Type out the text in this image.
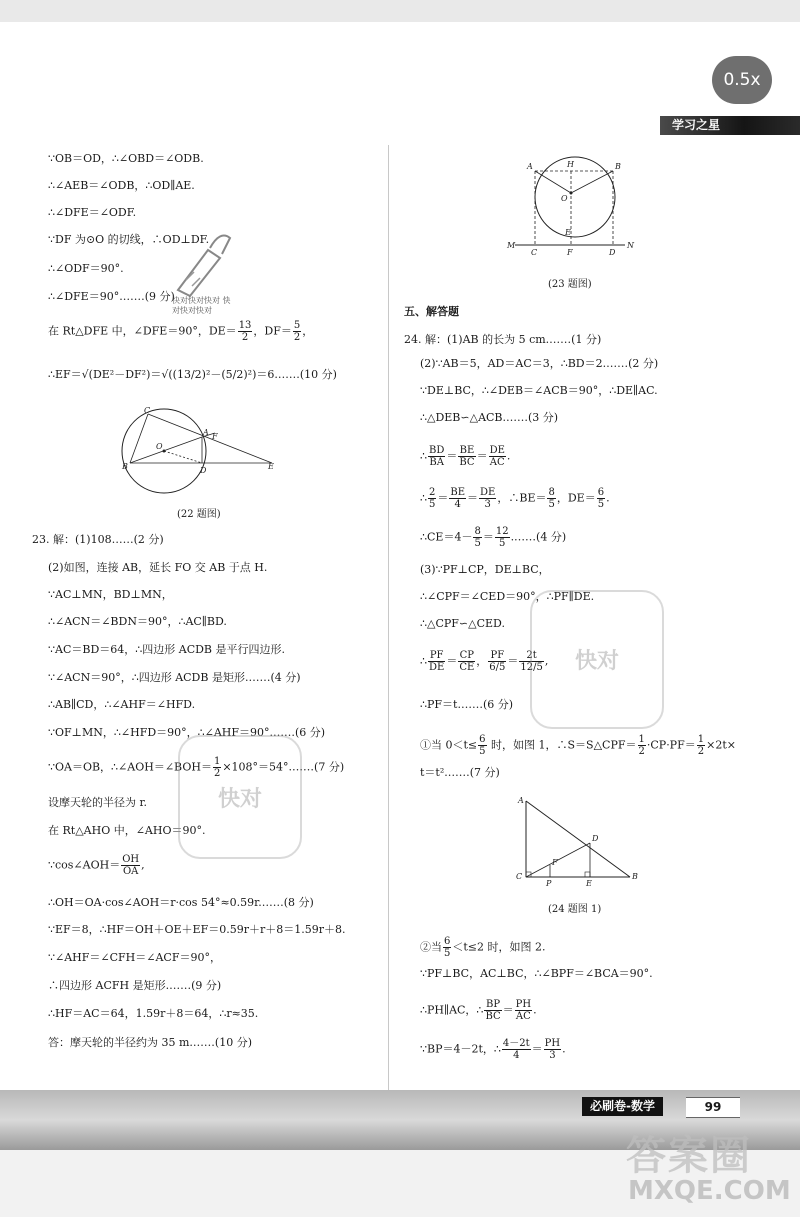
0.5x
学习之星
∵OB＝OD，∴∠OBD＝∠ODB.
∴∠AEB＝∠ODB，∴OD∥AE.
∴∠DFE＝∠ODF.
∵DF 为⊙O 的切线，∴OD⊥DF.
∴∠ODF＝90°.
∴∠DFE＝90°.……(9 分)
快对快对快对 快对快对快对
在 Rt△DFE 中，∠DFE＝90°，$DE= \frac{13}{2}$ ，$DF= \frac{5}{2}$ ，
∴EF＝√(DE²－DF²)＝√((13/2)²－(5/2)²)＝6.……(10 分)
C
O
A F
B	D	E
(22 题图)
23. 解：(1)108……(2 分)
(2)如图，连接 AB，延长 FO 交 AB 于点 H.
∵AC⊥MN，BD⊥MN，
∴∠ACN＝∠BDN＝90°，∴AC∥BD.
∵AC＝BD＝64，∴四边形 ACDB 是平行四边形.
∵∠ACN＝90°，∴四边形 ACDB 是矩形.……(4 分)
∴AB∥CD，∴∠AHF＝∠HFD.
∵OF⊥MN，∴∠HFD＝90°，∴∠AHF＝90°.……(6 分)
∵OA＝OB，∴∠AOH＝∠BOH＝ $\frac{1}{2}$ ×108°＝54°.……(7 分)
设摩天轮的半径为 r.
在 Rt△AHO 中，∠AHO＝90°.
∵cos∠AOH＝ $\frac{OH}{OA}$ ,
∴OH＝OA·cos∠AOH＝r·cos 54°≈0.59r.……(8 分)
∵EF＝8，∴HF＝OH＋OE＋EF＝0.59r＋r＋8＝1.59r＋8.
∵∠AHF＝∠CFH＝∠ACF＝90°，
∴四边形 ACFH 是矩形.……(9 分)
∴HF＝AC＝64，1.59r＋8＝64，∴r≈35.
答：摩天轮的半径约为 35 m.……(10 分)
快对
A	H	B
O
E
M
C	F	D
N
(23 题图)
五、解答题
24. 解：(1)AB 的长为 5 cm.……(1 分)
(2)∵AB＝5，AD＝AC＝3，∴BD＝2.……(2 分)
∵DE⊥BC，∴∠DEB＝∠ACB＝90°，∴DE∥AC.
∴△DEB∽△ACB.……(3 分)
∴ $\frac{BD}{BA} = \frac{BE}{BC} = \frac{DE}{AC}$ .
∴ $\frac{2}{5} = \frac{BE}{4} = \frac{DE}{3}$ ，∴BE＝ $\frac{8}{5}$ ，$DE= \frac{6}{5}$ .
∴CE＝4－ $\frac{8}{5} = \frac{12}{5}$ .……(4 分)
(3)∵PF⊥CP，DE⊥BC，
∴∠CPF＝∠CED＝90°，∴PF∥DE.
∴△CPF∽△CED.
∴ $\frac{PF}{DE} = \frac{CP}{CE}$ ， $\frac{PF}{6/5} = \frac{2t}{12/5}$ ,
∴PF＝t.……(6 分)
①当 $0<t\le \frac{6}{5}$ 时，如图 1，∴S＝S△CPF＝ $\frac{1}{2} \cdot CP\cdot PF= \frac{1}{2} \times 2t\times$
t＝t².……(7 分)
快对
A
D
F
C
P	E
B
(24 题图 1)
②当 $\frac{6}{5} <t\le 2$ 时，如图 2.
∵PF⊥BC，AC⊥BC，∴∠BPF＝∠BCA＝90°.
∴PH∥AC，∴ $\frac{BP}{BC} = \frac{PH}{AC}$ .
∵BP＝4－2t，∴ $\frac{4-2t}{4} = \frac{PH}{3}$ .
必刷卷-数学	99
答案圈
MXQE.COM
